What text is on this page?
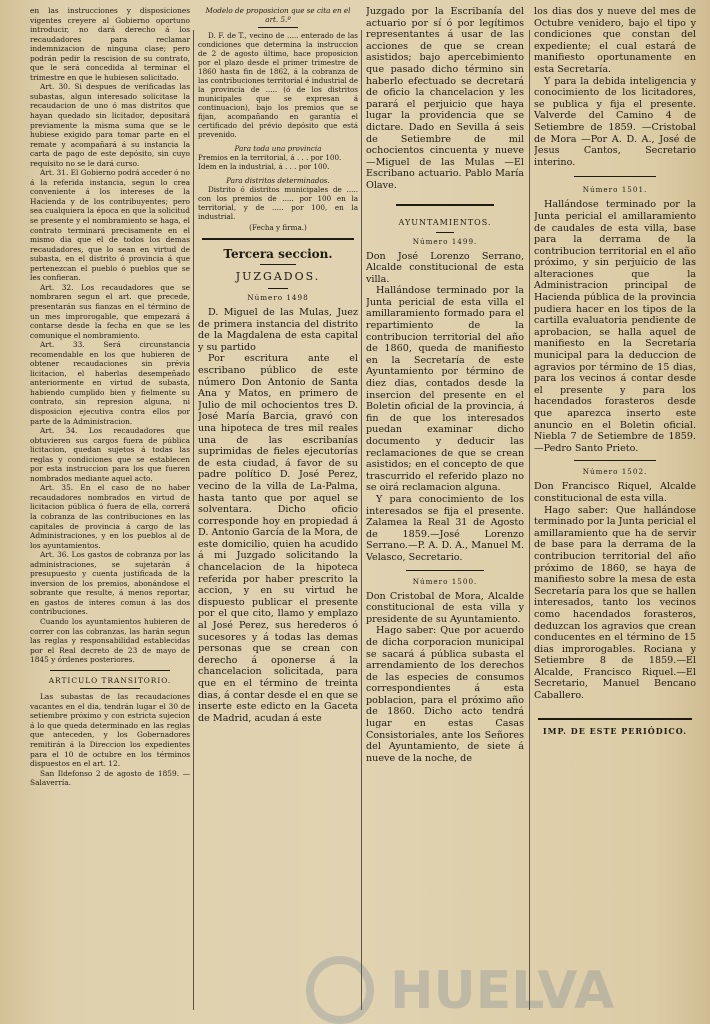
en las instrucciones y disposiciones vigentes creyere al Gobierno oportuno introducir, no dará derecho á los recaudadores para reclamar indemnizacion de ninguna clase; pero podrán pedir la rescision de su contrato, que le será concedida al terminar el trimestre en que le hubiesen solicitado.

Art. 30. Si despues de verificadas las subastas, algun interesado solicitase la recaudacion de uno ó mas distritos que hayan quedado sin licitador, depositará previamente la misma suma que se le hubiese exigido para tomar parte en el remate y acompañará á su instancia la carta de pago de este depósito, sin cuyo requisito no se le dará curso.

Art. 31. El Gobierno podrá acceder ó no á la referida instancia, segun lo crea conveniente á los intereses de la Hacienda y de los contribuyentes; pero sea cualquiera la época en que la solicitud se presente y el nombramiento se haga, el contrato terminará precisamente en el mismo dia que el de todos los demas recaudadores, que lo sean en virtud de subasta, en el distrito ó provincia á que pertenezcan el pueblo ó pueblos que se les confieran.

Art. 32. Los recaudadores que se nombraren segun el art. que precede, presentarán sus fianzas en el término de un mes improrogable, que empezará á contarse desde la fecha en que se les comunique el nombramiento.

Art. 33. Será circunstancia recomendable en los que hubieren de obtener recaudaciones sin prévia licitacion, el haberlas desempeñado anteriormente en virtud de subasta, habiendo cumplido bien y fielmente su contrato, sin represion alguna, ni disposicion ejecutiva contra ellos por parte de la Administracion.

Art. 34. Los recaudadores que obtuvieren sus cargos fuera de pública licitacion, quedan sujetos á todas las reglas y condiciones que se establecen por esta instruccion para los que fueren nombrados mediante aquel acto.

Art. 35. En el caso de no haber recaudadores nombrados en virtud de licitacion pública ó fuera de ella, correrá la cobranza de las contribuciones en las capitales de provincia á cargo de las Administraciones, y en los pueblos al de los ayuntamientos.

Art. 36. Los gastos de cobranza por las administraciones, se sujetarán á presupuesto y cuenta justificada de la inversion de los premios, abonándose el sobrante que resulte, á menos reportar, en gastos de interes comun á las dos contribuciones.

Cuando los ayuntamientos hubieren de correr con las cobranzas, las harán segun las reglas y responsabilidad establecidas por el Real decreto de 23 de mayo de 1845 y órdenes posteriores.

ARTICULO TRANSITORIO.

Las subastas de las recaudaciones vacantes en el dia, tendrán lugar el 30 de setiembre próximo y con estricta sujecion á lo que queda determinado en las reglas que anteceden, y los Gobernadores remitirán á la Direccion los expedientes para el 10 de octubre en los términos dispuestos en el art. 12.

San Ildefonso 2 de agosto de 1859. —Salaverría.

Modelo de proposicion que se cita en el art. 5.º

D. F. de T., vecino de ..... enterado de las condiciones que determina la instruccion de 2 de agosto último, hace proposicion por el plazo desde el primer trimestre de 1860 hasta fin de 1862, á la cobranza de las contribuciones territorial é industrial de la provincia de ..... (ó de los distritos municipales que se expresan á continuacion), bajo los premios que se fijan, acompañando en garantía el certificado del prévio depósito que está prevenido.

Para toda una provincia

Premios en la territorial, á . . . por 100.

Idem en la industrial, á . . . por 100.

Para distritos determinados.

Distrito ó distritos municipales de ..... con los premios de ..... por 100 en la territorial, y de ..... por 100, en la industrial.

(Fecha y firma.)

Tercera seccion.
JUZGADOS.
Número 1498

D. Miguel de las Mulas, Juez de primera instancia del distrito de la Magdalena de esta capital y su partido

Por escritura ante el escribano público de este número Don Antonio de Santa Ana y Matos, en primero de Julio de mil ochocientos tres D. José María Barcia, gravó con una hipoteca de tres mil reales una de las escribanías suprimidas de fieles ejecutorías de esta ciudad, á favor de su padre político D. José Perez, vecino de la villa de La-Palma, hasta tanto que por aquel se solventara. Dicho oficio corresponde hoy en propiedad á D. Antonio García de la Mora, de este domicilio, quien ha acudido á mi Juzgado solicitando la chancelacion de la hipoteca referida por haber prescrito la accion, y en su virtud he dispuesto publicar el presente por el que cito, llamo y emplazo al José Perez, sus herederos ó sucesores y á todas las demas personas que se crean con derecho á oponerse á la chancelacion solicitada, para que en el término de treinta dias, á contar desde el en que se inserte este edicto en la Gaceta de Madrid, acudan á este

Juzgado por la Escribanía del actuario por sí ó por legítimos representantes á usar de las acciones de que se crean asistidos; bajo apercebimiento que pasado dicho término sin haberlo efectuado se decretará de oficio la chancelacion y les parará el perjuicio que haya lugar la providencia que se dictare. Dado en Sevilla á seis de Setiembre de mil ochocientos cincuenta y nueve —Miguel de las Mulas —El Escribano actuario. Pablo María Olave.

AYUNTAMIENTOS.
Número 1499.

Don José Lorenzo Serrano, Alcalde constitucional de esta villa.

Hallándose terminado por la Junta pericial de esta villa el amillaramiento formado para el repartimiento de la contribucion territorial del año de 1860, queda de manifiesto en la Secretaría de este Ayuntamiento por término de diez dias, contados desde la insercion del presente en el Boletin oficial de la provincia, á fin de que los interesados puedan examinar dicho documento y deducir las reclamaciones de que se crean asistidos; en el concepto de que trascurrido el referido plazo no se oirá reclamacion alguna.

Y para conocimiento de los interesados se fija el presente. Zalamea la Real 31 de Agosto de 1859.—José Lorenzo Serrano.—P. A. D. A., Manuel M. Velasco, Secretario.

Número 1500.

Don Cristobal de Mora, Alcalde constitucional de esta villa y presidente de su Ayuntamiento.

Hago saber: Que por acuerdo de dicha corporacion municipal se sacará á pública subasta el arrendamiento de los derechos de las especies de consumos correspondientes á esta poblacion, para el próximo año de 1860. Dicho acto tendrá lugar en estas Casas Consistoriales, ante los Señores del Ayuntamiento, de siete á nueve de la noche, de

los dias dos y nueve del mes de Octubre venidero, bajo el tipo y condiciones que constan del expediente; el cual estará de manifiesto oportunamente en esta Secretaría.

Y para la debida inteligencia y conocimiento de los licitadores, se publica y fija el presente. Valverde del Camino 4 de Setiembre de 1859. —Cristobal de Mora —Por A. D. A., José de Jesus Cantos, Secretario interino.

Número 1501.

Hallándose terminado por la Junta pericial el amillaramiento de caudales de esta villa, base para la derrama de la contribucion territorial en el año próximo, y sin perjuicio de las alteraciones que la Administracion principal de Hacienda pública de la provincia pudiera hacer en los tipos de la cartilla evaluatoria pendiente de aprobacion, se halla aquel de manifiesto en la Secretaría municipal para la deduccion de agravios por término de 15 dias, para los vecinos á contar desde el presente y para los hacendados forasteros desde que aparezca inserto este anuncio en el Boletin oficial. Niebla 7 de Setiembre de 1859.—Pedro Santo Prieto.

Número 1502.

Don Francisco Riquel, Alcalde constitucional de esta villa.

Hago saber: Que hallándose terminado por la Junta pericial el amillaramiento que ha de servir de base para la derrama de la contribucion territorial del año próximo de 1860, se haya de manifiesto sobre la mesa de esta Secretaría para los que se hallen interesados, tanto los vecinos como hacendados forasteros, deduzcan los agravios que crean conducentes en el término de 15 dias improrogables. Rociana y Setiembre 8 de 1859.—El Alcalde, Francisco Riquel.—El Secretario, Manuel Bencano Caballero.

IMP. DE ESTE PERIÓDICO.
HUELVA
